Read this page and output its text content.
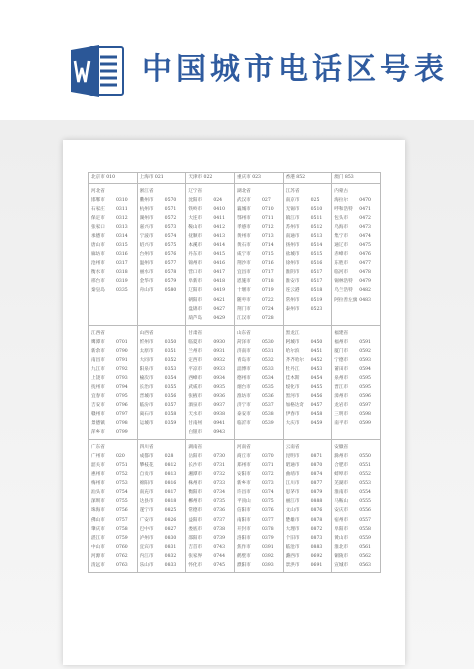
中国城市电话区号表
北京市 010	上海市 021	天津市 022	重庆市 023	香港 852	澳门 853
河北省
邯郸市 0310
石家庄 0311
保定市 0312
张家口 0313
承德市 0314
唐山市 0315
廊坊市 0316
沧州市 0317
衡水市 0318
邢台市 0319
秦皇岛 0335
浙江省
衢州市 0570
杭州市 0571
湖州市 0572
嘉兴市 0573
宁波市 0574
绍兴市 0575
台州市 0576
温州市 0577
丽水市 0578
金华市 0579
舟山市 0580
辽宁省
沈阳市 024
铁岭市 0410
大连市 0411
鞍山市 0412
抚顺市 0413
本溪市 0414
丹东市 0415
锦州市 0416
营口市 0417
阜新市 0418
辽阳市 0419
朝阳市 0421
盘锦市 0427
葫芦岛 0429
湖北省
武汉市 027
襄城市 0710
鄂州市 0711
孝感市 0712
黄州市 0713
黄石市 0714
咸宁市 0715
荆沙市 0716
宜昌市 0717
恩施市 0718
十堰市 0719
随枣市 0722
荆门市 0724
江汉市 0728
江苏省
南京市 025
无锡市 0510
镇江市 0511
苏州市 0512
南通市 0513
扬州市 0514
盐城市 0515
徐州市 0516
淮阴市 0517
淮安市 0517
连云港 0518
常州市 0519
泰州市 0523
内蒙古
海拉尔 0470
呼和浩特 0471
包头市 0472
乌海市 0473
集宁市 0474
通辽市 0475
赤峰市 0476
东胜市 0477
临河市 0478
锡林浩特 0479
乌兰浩特 0482
阿拉善左旗 0483
江西省
鹰潭市 0701
新余市 0790
南昌市 0791
九江市 0792
上饶市 0793
抚州市 0794
宜春市 0795
吉安市 0796
赣州市 0797
景德镇 0798
萍乡市 0799
山西省
忻州市 0350
太原市 0351
大同市 0352
阳泉市 0353
榆次市 0354
长治市 0355
晋城市 0356
临汾市 0357
离石市 0358
运城市 0359
甘肃省
临夏市 0930
兰州市 0931
定西市 0932
平凉市 0933
西峰市 0934
武威市 0935
张掖市 0936
酒泉市 0937
天水市 0938
甘南州 0941
白银市 0943
山东省
菏泽市 0530
济南市 0531
青岛市 0532
淄博市 0533
德州市 0534
烟台市 0535
淮坊市 0536
济宁市 0537
泰安市 0538
临沂市 0539
黑龙江
阿城市 0450
哈尔滨 0451
齐齐哈尔 0452
牡丹江 0453
佳木斯 0454
绥化市 0455
黑河市 0456
加格达奇 0457
伊春市 0458
大庆市 0459
福建省
福州市 0591
厦门市 0592
宁德市 0593
莆田市 0594
泉州市 0595
晋江市 0595
漳州市 0596
龙岩市 0597
三明市 0598
南平市 0599
广东省
广州市 020
韶关市 0751
惠州市 0752
梅州市 0753
汕头市 0754
深圳市 0755
珠海市 0756
佛山市 0757
肇庆市 0758
湛江市 0759
中山市 0760
河源市 0762
清远市 0763
四川省
成都市 028
攀枝花 0812
自贡市 0813
绵阳市 0816
南充市 0817
达县市 0818
遂宁市 0825
广安市 0826
巴中市 0827
泸州市 0830
宜宾市 0831
内江市 0832
乐山市 0833
湖南省
岳阳市 0730
长沙市 0731
湘潭市 0732
株州市 0733
衡阳市 0734
郴州市 0735
常德市 0736
益阳市 0737
娄底市 0738
邵阳市 0739
吉首市 0743
张家界 0744
怀化市 0745
河南省
商丘市 0370
郑州市 0371
安阳市 0372
新乡市 0373
许昌市 0374
平顶山 0375
信阳市 0376
南阳市 0377
开封市 0378
洛阳市 0379
焦作市 0391
鹤壁市 0392
濮阳市 0393
云南省
昆明市 0871
昭通市 0870
曲靖市 0874
江川市 0877
思茅市 0879
丽江市 0888
文山市 0876
楚雄市 0878
大理市 0872
个旧市 0873
临沧市 0883
潞西市 0692
景洪市 0691
安徽省
滁州市 0550
合肥市 0551
蚌埠市 0552
芜湖市 0553
淮南市 0554
马鞍山 0555
安庆市 0556
宿州市 0557
阜阳市 0558
黄山市 0559
淮北市 0561
铜陵市 0562
宣城市 0563
